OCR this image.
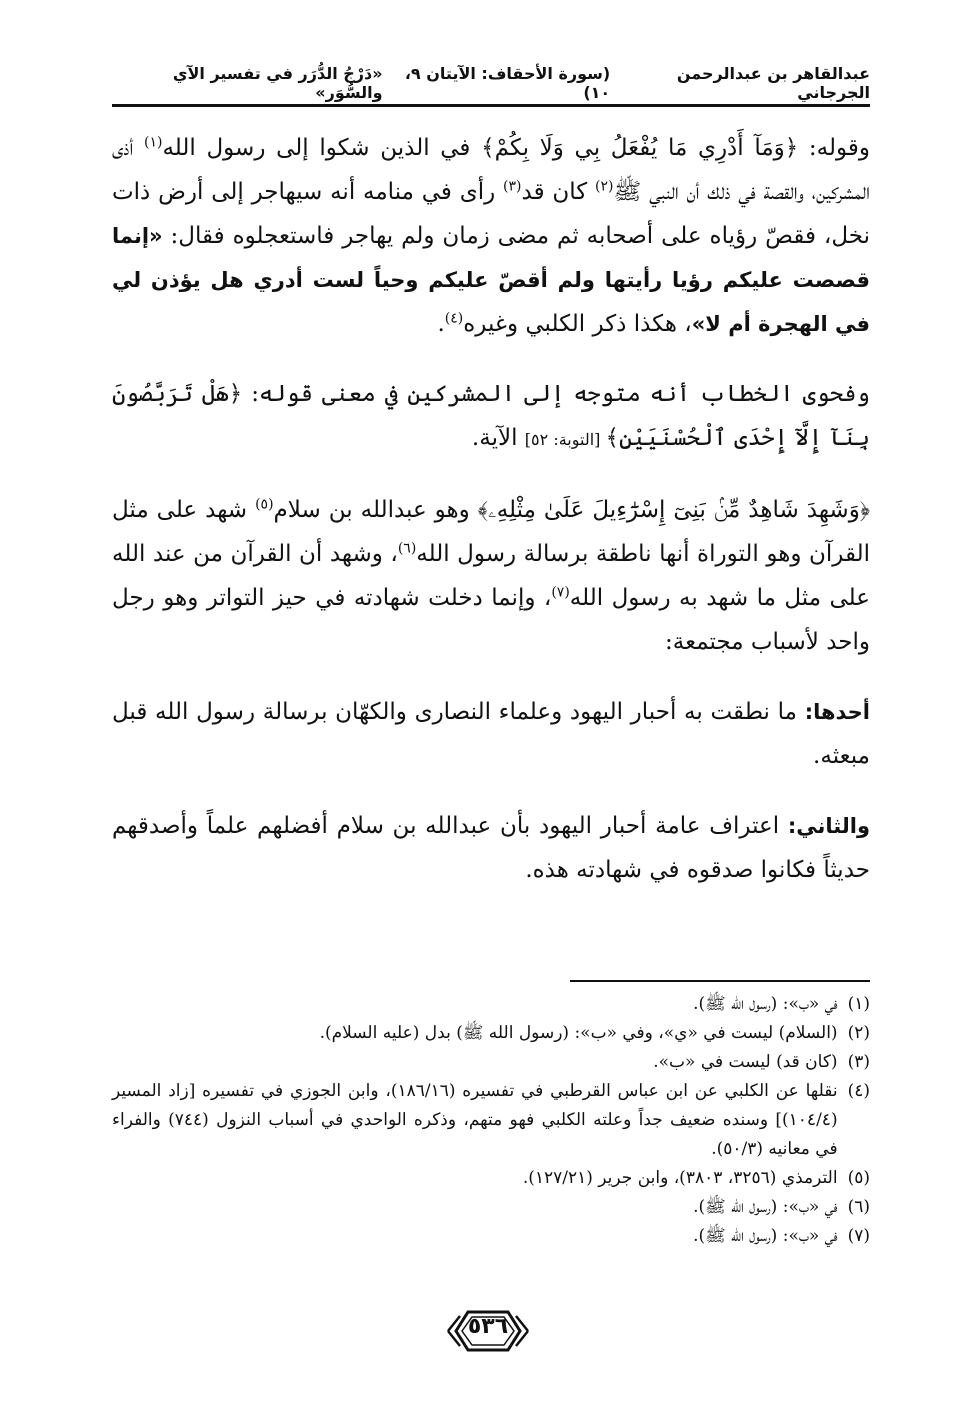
عبدالقاهر بن عبدالرحمن الجرجاني
(سورة الأحقاف: الآيتان ٩، ١٠)
«دَرْجُ الدُّرَر في تفسير الآي والسُّوَر»

وقوله: ﴿وَمَآ أَدْرِي مَا يُفْعَلُ بِي وَلَا بِكُمْ﴾ في الذين شكوا إلى رسول الله$^{(١)}$ أذى المشركين، والقصة في ذلك أن النبي ﷺ$^{(٢)}$ كان قد$^{(٣)}$ رأى في منامه أنه سيهاجر إلى أرض ذات نخل، فقصّ رؤياه على أصحابه ثم مضى زمان ولم يهاجر فاستعجلوه فقال: «إنما قصصت عليكم رؤيا رأيتها ولم أقصّ عليكم وحياً لست أدري هل يؤذن لي في الهجرة أم لا»، هكذا ذكر الكلبي وغيره$^{(٤)}$.

وفحوى الخطاب أنه متوجه إلى المشركين في معنى قوله: ﴿هَلْ تَرَبَّصُونَ بِنَآ إِلَّآ إِحْدَى ٱلْحُسْنَيَيْنِ﴾ [التوبة: ٥٢] الآية.

﴿وَشَهِدَ شَاهِدٌ مِّنۢ بَنِىٓ إِسْرَٰٓءِيلَ عَلَىٰ مِثْلِهِۦ﴾ وهو عبدالله بن سلام$^{(٥)}$ شهد على مثل القرآن وهو التوراة أنها ناطقة برسالة رسول الله$^{(٦)}$، وشهد أن القرآن من عند الله على مثل ما شهد به رسول الله$^{(٧)}$، وإنما دخلت شهادته في حيز التواتر وهو رجل واحد لأسباب مجتمعة:

أحدها: ما نطقت به أحبار اليهود وعلماء النصارى والكهّان برسالة رسول الله قبل مبعثه.

والثاني: اعتراف عامة أحبار اليهود بأن عبدالله بن سلام أفضلهم علماً وأصدقهم حديثاً فكانوا صدقوه في شهادته هذه.

(١)
في «ب»: (رسول الله ﷺ).
(٢)
(السلام) ليست في «ي»، وفي «ب»: (رسول الله ﷺ) بدل (عليه السلام).
(٣)
(كان قد) ليست في «ب».
(٤)
نقلها عن الكلبي عن ابن عباس القرطبي في تفسيره (١٨٦/١٦)، وابن الجوزي في تفسيره [زاد المسير (١٠٤/٤)] وسنده ضعيف جداً وعلته الكلبي فهو متهم، وذكره الواحدي في أسباب النزول (٧٤٤) والفراء في معانيه (٥٠/٣).
(٥)
الترمذي (٣٢٥٦، ٣٨٠٣)، وابن جرير (١٢٧/٢١).
(٦)
في «ب»: (رسول الله ﷺ).
(٧)
في «ب»: (رسول الله ﷺ).
٥٣٦
